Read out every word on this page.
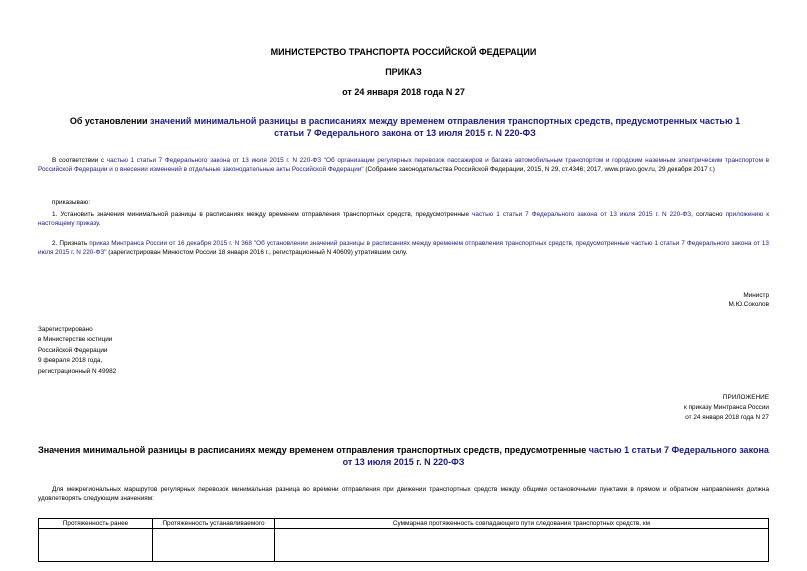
МИНИСТЕРСТВО ТРАНСПОРТА РОССИЙСКОЙ ФЕДЕРАЦИИ
ПРИКАЗ
от 24 января 2018 года N 27
Об установлении значений минимальной разницы в расписаниях между временем отправления транспортных средств, предусмотренных частью 1 статьи 7 Федерального закона от 13 июля 2015 г. N 220-ФЗ
В соответствии с частью 1 статьи 7 Федерального закона от 13 июля 2015 г. N 220-ФЗ "Об организации регулярных перевозок пассажиров и багажа автомобильным транспортом и городским наземным электрическим транспортом в Российской Федерации и о внесении изменений в отдельные законодательные акты Российской Федерации" (Собрание законодательства Российской Федерации, 2015, N 29, ст.4346; 2017, www.pravo.gov.ru, 29 декабря 2017 г.)
приказываю:
1. Установить значения минимальной разницы в расписаниях между временем отправления транспортных средств, предусмотренные частью 1 статьи 7 Федерального закона от 13 июля 2015 г. N 220-ФЗ, согласно приложению к настоящему приказу.
2. Признать приказ Минтранса России от 16 декабря 2015 г. N 368 "Об установлении значений разницы в расписаниях между временем отправления транспортных средств, предусмотренные частью 1 статьи 7 Федерального закона от 13 июля 2015 г. N 220-ФЗ" (зарегистрирован Минюстом России 18 января 2016 г., регистрационный N 40609) утратившим силу.
Министр
М.Ю.Соколов
Зарегистрировано
в Министерстве юстиции
Российской Федерации
9 февраля 2018 года,
регистрационный N 49982
ПРИЛОЖЕНИЕ
к приказу Минтранса России
от 24 января 2018 года N 27
Значения минимальной разницы в расписаниях между временем отправления транспортных средств, предусмотренные частью 1 статьи 7 Федерального закона от 13 июля 2015 г. N 220-ФЗ
Для межрегиональных маршрутов регулярных перевозок минимальная разница во времени отправления при движении транспортных средств между общими остановочными пунктами в прямом и обратном направлениях должна удовлетворять следующим значениям:
Протяженность ранее	Протяженность устанавливаемого	Суммарная протяженность совпадающего пути следования транспортных средств, км
